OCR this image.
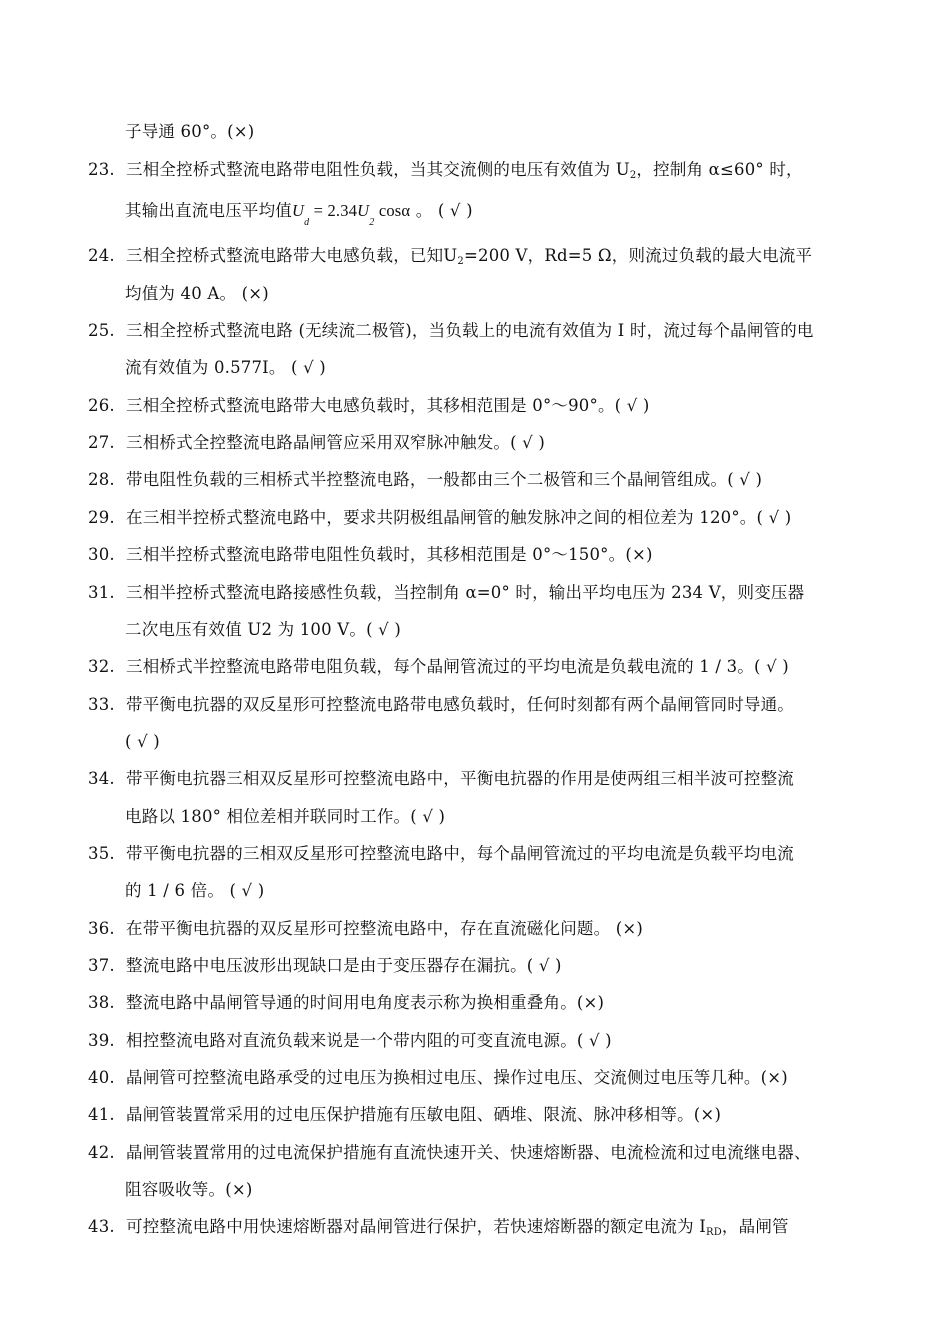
子导通 60°。(×)
23. 三相全控桥式整流电路带电阻性负载，当其交流侧的电压有效值为 $U_2$，控制角 α≤60° 时，
其输出直流电压平均值$U_d = 2.34U_2$ cosα 。 ( √ )
24. 三相全控桥式整流电路带大电感负载，已知$U_2=200$ V，Rd=5 Ω，则流过负载的最大电流平
均值为 40 A。 (×)
25. 三相全控桥式整流电路 (无续流二极管)，当负载上的电流有效值为 I 时，流过每个晶闸管的电
流有效值为 0.577I。 ( √ )
26. 三相全控桥式整流电路带大电感负载时，其移相范围是 0°～90°。( √ )
27. 三相桥式全控整流电路晶闸管应采用双窄脉冲触发。( √ )
28. 带电阻性负载的三相桥式半控整流电路，一般都由三个二极管和三个晶闸管组成。( √ )
29. 在三相半控桥式整流电路中，要求共阴极组晶闸管的触发脉冲之间的相位差为 120°。( √ )
30. 三相半控桥式整流电路带电阻性负载时，其移相范围是 0°～150°。(×)
31. 三相半控桥式整流电路接感性负载，当控制角 α=0° 时，输出平均电压为 234 V，则变压器
二次电压有效值 U2 为 100 V。( √ )
32. 三相桥式半控整流电路带电阻负载，每个晶闸管流过的平均电流是负载电流的 1 / 3。( √ )
33. 带平衡电抗器的双反星形可控整流电路带电感负载时，任何时刻都有两个晶闸管同时导通。
( √ )
34. 带平衡电抗器三相双反星形可控整流电路中，平衡电抗器的作用是使两组三相半波可控整流
电路以 180° 相位差相并联同时工作。( √ )
35. 带平衡电抗器的三相双反星形可控整流电路中，每个晶闸管流过的平均电流是负载平均电流
的 1 / 6 倍。 ( √ )
36. 在带平衡电抗器的双反星形可控整流电路中，存在直流磁化问题。 (×)
37. 整流电路中电压波形出现缺口是由于变压器存在漏抗。( √ )
38. 整流电路中晶闸管导通的时间用电角度表示称为换相重叠角。(×)
39. 相控整流电路对直流负载来说是一个带内阻的可变直流电源。( √ )
40. 晶闸管可控整流电路承受的过电压为换相过电压、操作过电压、交流侧过电压等几种。(×)
41. 晶闸管装置常采用的过电压保护措施有压敏电阻、硒堆、限流、脉冲移相等。(×)
42. 晶闸管装置常用的过电流保护措施有直流快速开关、快速熔断器、电流检流和过电流继电器、
阻容吸收等。(×)
43. 可控整流电路中用快速熔断器对晶闸管进行保护，若快速熔断器的额定电流为 $I_{RD}$，晶闸管
